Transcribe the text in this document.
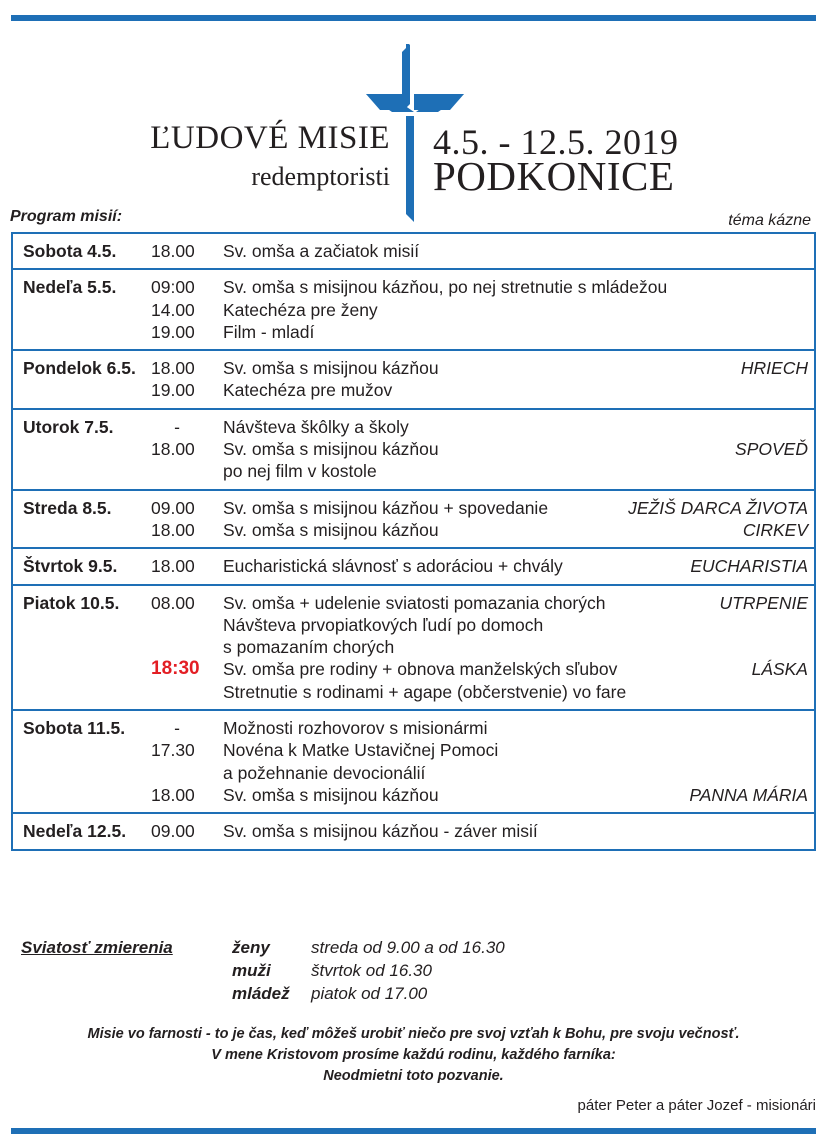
ĽUDOVÉ MISIE
redemptoristi
4.5. - 12.5. 2019
PODKONICE
Program misií:	téma kázne
Sobota 4.5. 18.00 Sv. omša a začiatok misií
Nedeľa 5.5. 09:00 Sv. omša s misijnou kázňou, po nej stretnutie s mládežou
14.00 Katechéza pre ženy
19.00 Film - mladí
Pondelok 6.5. 18.00 Sv. omša s misijnou kázňou	HRIECH
19.00 Katechéza pre mužov
Utorok 7.5.	-	Návšteva škôlky a školy
18.00 Sv. omša s misijnou kázňou	SPOVEĎ
po nej film v kostole
Streda 8.5. 09.00 Sv. omša s misijnou kázňou + spovedanie	JEŽIŠ DARCA ŽIVOTA
18.00 Sv. omša s misijnou kázňou	CIRKEV
Štvrtok 9.5. 18.00 Eucharistická slávnosť s adoráciou + chvály	EUCHARISTIA
Piatok 10.5. 08.00 Sv. omša + udelenie sviatosti pomazania chorých	UTRPENIE
Návšteva prvopiatkových ľudí po domoch
s pomazaním chorých
18:30 Sv. omša pre rodiny + obnova manželských sľubov	LÁSKA
Stretnutie s rodinami + agape (občerstvenie) vo fare
Sobota 11.5.	-	Možnosti rozhovorov s misionármi
17.30 Novéna k Matke Ustavičnej Pomoci
a požehnanie devocionálií
18.00 Sv. omša s misijnou kázňou	PANNA MÁRIA
Nedeľa 12.5. 09.00 Sv. omša s misijnou kázňou - záver misií
Sviatosť zmierenia	ženy streda od 9.00 a od 16.30
muži štvrtok od 16.30
mládež piatok od 17.00
Misie vo farnosti - to je čas, keď môžeš urobiť niečo pre svoj vzťah k Bohu, pre svoju večnosť.
V mene Kristovom prosíme každú rodinu, každého farníka:
Neodmietni toto pozvanie.
páter Peter a páter Jozef - misionári
